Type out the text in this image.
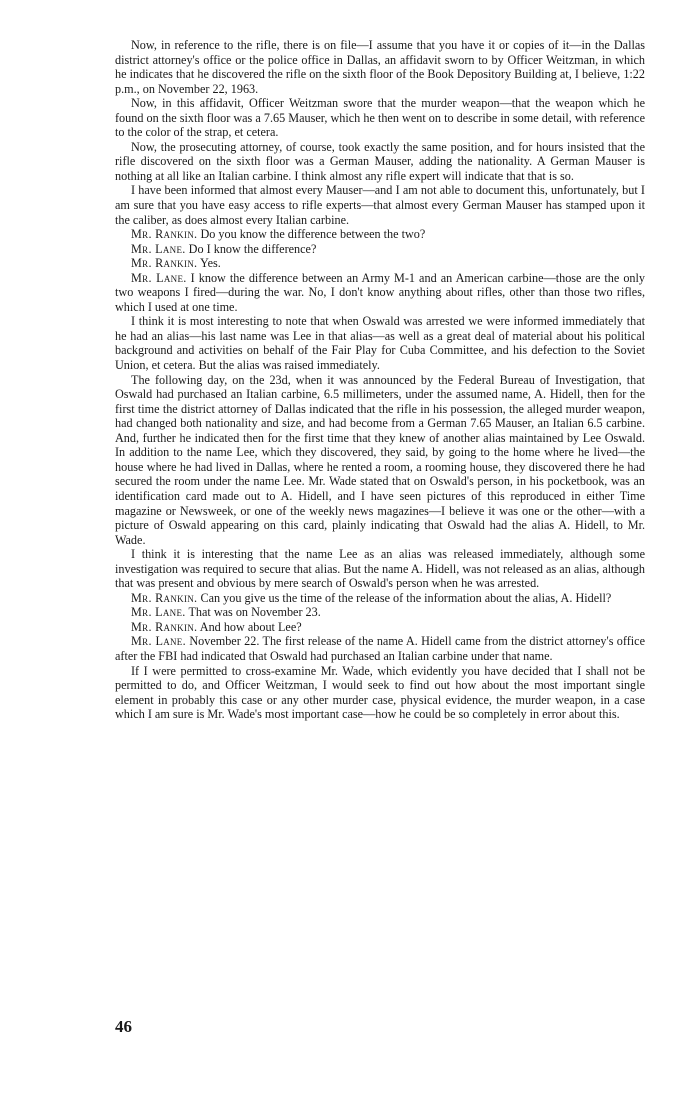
Now, in reference to the rifle, there is on file—I assume that you have it or copies of it—in the Dallas district attorney's office or the police office in Dallas, an affidavit sworn to by Officer Weitzman, in which he indicates that he discovered the rifle on the sixth floor of the Book Depository Building at, I believe, 1:22 p.m., on November 22, 1963.

Now, in this affidavit, Officer Weitzman swore that the murder weapon—that the weapon which he found on the sixth floor was a 7.65 Mauser, which he then went on to describe in some detail, with reference to the color of the strap, et cetera.

Now, the prosecuting attorney, of course, took exactly the same position, and for hours insisted that the rifle discovered on the sixth floor was a German Mauser, adding the nationality. A German Mauser is nothing at all like an Italian carbine. I think almost any rifle expert will indicate that that is so.

I have been informed that almost every Mauser—and I am not able to document this, unfortunately, but I am sure that you have easy access to rifle experts—that almost every German Mauser has stamped upon it the caliber, as does almost every Italian carbine.

Mr. Rankin. Do you know the difference between the two?

Mr. Lane. Do I know the difference?

Mr. Rankin. Yes.

Mr. Lane. I know the difference between an Army M-1 and an American carbine—those are the only two weapons I fired—during the war. No, I don't know anything about rifles, other than those two rifles, which I used at one time.

I think it is most interesting to note that when Oswald was arrested we were informed immediately that he had an alias—his last name was Lee in that alias—as well as a great deal of material about his political background and activities on behalf of the Fair Play for Cuba Committee, and his defection to the Soviet Union, et cetera. But the alias was raised immediately.

The following day, on the 23d, when it was announced by the Federal Bureau of Investigation, that Oswald had purchased an Italian carbine, 6.5 millimeters, under the assumed name, A. Hidell, then for the first time the district attorney of Dallas indicated that the rifle in his possession, the alleged murder weapon, had changed both nationality and size, and had become from a German 7.65 Mauser, an Italian 6.5 carbine. And, further he indicated then for the first time that they knew of another alias maintained by Lee Oswald. In addition to the name Lee, which they discovered, they said, by going to the home where he lived—the house where he had lived in Dallas, where he rented a room, a rooming house, they discovered there he had secured the room under the name Lee. Mr. Wade stated that on Oswald's person, in his pocketbook, was an identification card made out to A. Hidell, and I have seen pictures of this reproduced in either Time magazine or Newsweek, or one of the weekly news magazines—I believe it was one or the other—with a picture of Oswald appearing on this card, plainly indicating that Oswald had the alias A. Hidell, to Mr. Wade.

I think it is interesting that the name Lee as an alias was released immediately, although some investigation was required to secure that alias. But the name A. Hidell, was not released as an alias, although that was present and obvious by mere search of Oswald's person when he was arrested.

Mr. Rankin. Can you give us the time of the release of the information about the alias, A. Hidell?

Mr. Lane. That was on November 23.

Mr. Rankin. And how about Lee?

Mr. Lane. November 22. The first release of the name A. Hidell came from the district attorney's office after the FBI had indicated that Oswald had purchased an Italian carbine under that name.

If I were permitted to cross-examine Mr. Wade, which evidently you have decided that I shall not be permitted to do, and Officer Weitzman, I would seek to find out how about the most important single element in probably this case or any other murder case, physical evidence, the murder weapon, in a case which I am sure is Mr. Wade's most important case—how he could be so completely in error about this.

46
